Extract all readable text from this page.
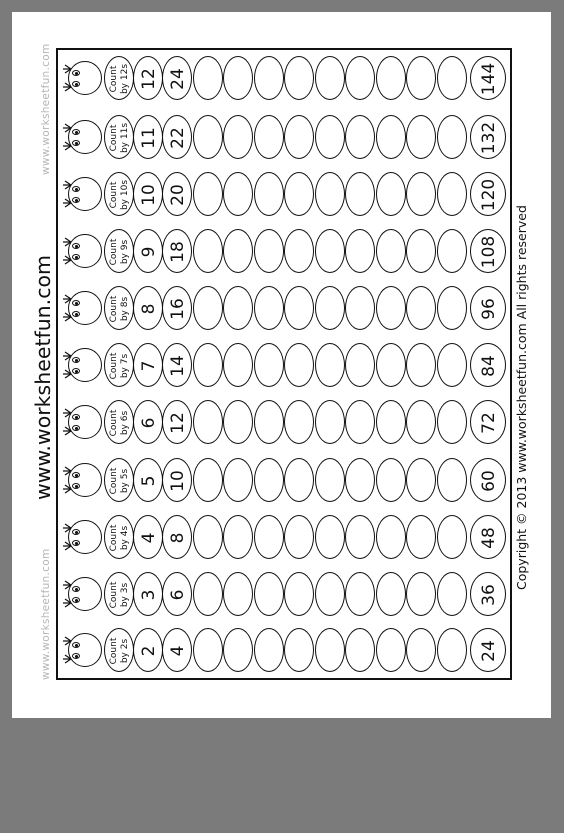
www.worksheetfun.com
www.worksheetfun.com
www.worksheetfun.com	Copyright © 2013 www.worksheetfun.com All rights reserved
Count by 2s 2 4	24
Count by 3s 3 6	36
Count by 4s 4 8	48
Count by 5s 5 10	60
Count by 6s 6 12	72
Count by 7s 7 14	84
Count by 8s 8 16	96
Count by 9s 9 18	108
Count by 10s 10 20	120
Count by 11s 11 22	132
Count by 12s 12 24	144
